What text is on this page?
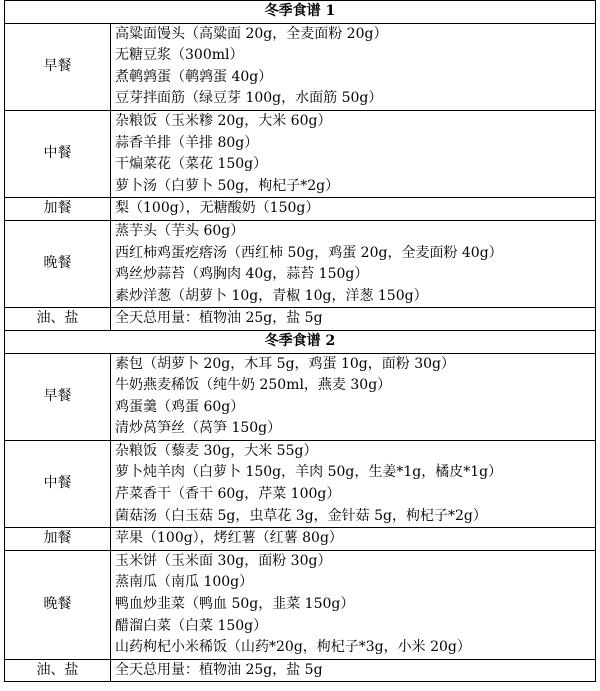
冬季食谱 1	
早餐	高粱面馒头（高粱面 20g，全麦面粉 20g）
无糖豆浆（300ml）
煮鹌鹑蛋（鹌鹑蛋 40g）
豆芽拌面筋（绿豆芽 100g，水面筋 50g）

中餐	杂粮饭（玉米糁 20g，大米 60g）
蒜香羊排（羊排 80g）
干煸菜花（菜花 150g）
萝卜汤（白萝卜 50g，枸杞子*2g）

加餐	梨（100g），无糖酸奶（150g）

晚餐	蒸芋头（芋头 60g）
西红柿鸡蛋疙瘩汤（西红柿 50g，鸡蛋 20g，全麦面粉 40g）
鸡丝炒蒜苔（鸡胸肉 40g，蒜苔 150g）
素炒洋葱（胡萝卜 10g，青椒 10g，洋葱 150g）

油、盐	全天总用量：植物油 25g，盐 5g

冬季食谱 2	
早餐	素包（胡萝卜 20g，木耳 5g，鸡蛋 10g，面粉 30g）
牛奶燕麦稀饭（纯牛奶 250ml，燕麦 30g）
鸡蛋羹（鸡蛋 60g）
清炒莴笋丝（莴笋 150g）

中餐	杂粮饭（藜麦 30g，大米 55g）
萝卜炖羊肉（白萝卜 150g，羊肉 50g，生姜*1g，橘皮*1g）
芹菜香干（香干 60g，芹菜 100g）
菌菇汤（白玉菇 5g，虫草花 3g，金针菇 5g，枸杞子*2g）

加餐	苹果（100g），烤红薯（红薯 80g）

晚餐	玉米饼（玉米面 30g，面粉 30g）
蒸南瓜（南瓜 100g）
鸭血炒韭菜（鸭血 50g，韭菜 150g）
醋溜白菜（白菜 150g）
山药枸杞小米稀饭（山药*20g，枸杞子*3g，小米 20g）

油、盐	全天总用量：植物油 25g，盐 5g
